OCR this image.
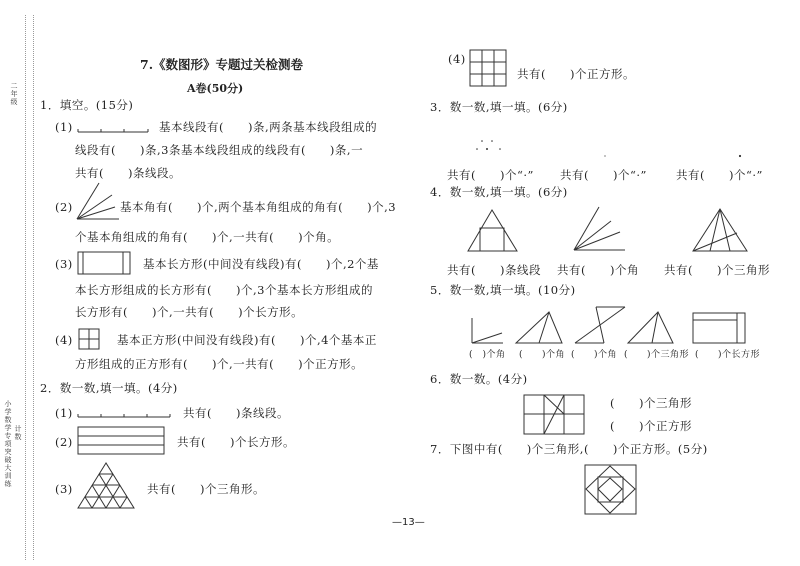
二年级
小学数学专项突破大训练 计数
7.《数图形》专题过关检测卷
A卷(50分)
1．填空。(15分)
(1)	基本线段有(　　)条,两条基本线段组成的
线段有(　　)条,3条基本线段组成的线段有(　　)条,一
共有(　　)条线段。
(2)	基本角有(　　)个,两个基本角组成的角有(　　)个,3
个基本角组成的角有(　　)个,一共有(　　)个角。
(3)	基本长方形(中间没有线段)有(　　)个,2个基
本长方形组成的长方形有(　　)个,3个基本长方形组成的
长方形有(　　)个,一共有(　　)个长方形。
(4)	基本正方形(中间没有线段)有(　　)个,4个基本正
方形组成的正方形有(　　)个,一共有(　　)个正方形。
2．数一数,填一填。(4分)
(1)	共有(　　)条线段。
(2)	共有(　　)个长方形。
(3)	共有(　　)个三角形。
(4)
共有(　　)个正方形。
3．数一数,填一填。(6分)
共有(　　)个“·” 共有(　　)个“·”	共有(　　)个“·”
4．数一数,填一填。(6分)
共有(　　)条线段 共有(　　)个角 共有(　　)个三角形
5．数一数,填一填。(10分)
(　)个角 (　　)个角 (　　)个角 (　　)个三角形 (　　)个长方形
6．数一数。(4分)
(　　)个三角形
(　　)个正方形
7．下图中有(　　)个三角形,(　　)个正方形。(5分)
—13—
